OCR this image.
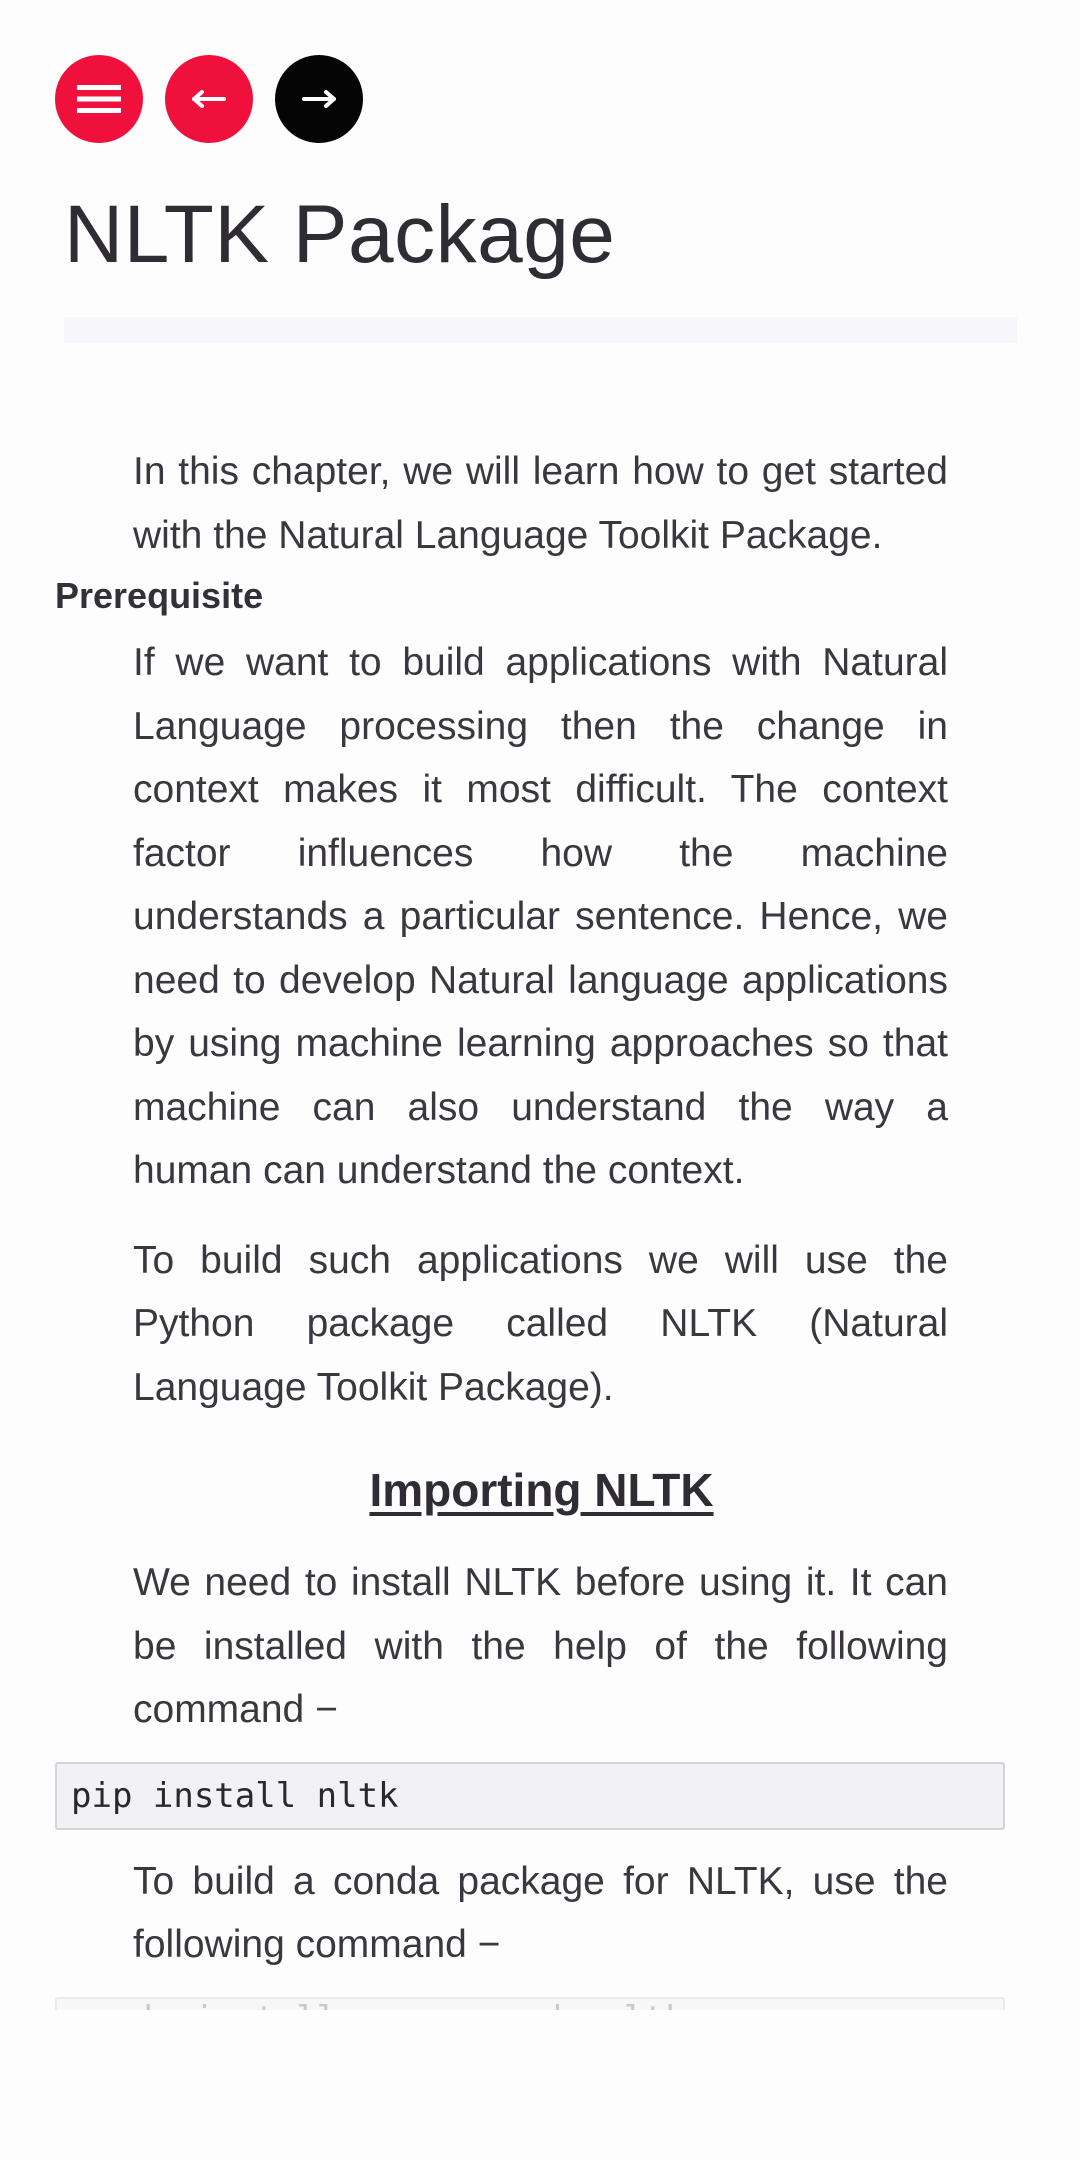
NLTK Package

In this chapter, we will learn how to get started with the Natural Language Toolkit Package.

Prerequisite

If we want to build applications with Natural Language processing then the change in context makes it most difficult. The context factor influences how the machine understands a particular sentence. Hence, we need to develop Natural language applications by using machine learning approaches so that machine can also understand the way a human can understand the context.

To build such applications we will use the Python package called NLTK (Natural Language Toolkit Package).

Importing NLTK

We need to install NLTK before using it. It can be installed with the help of the following command −

pip install nltk

To build a conda package for NLTK, use the following command −
